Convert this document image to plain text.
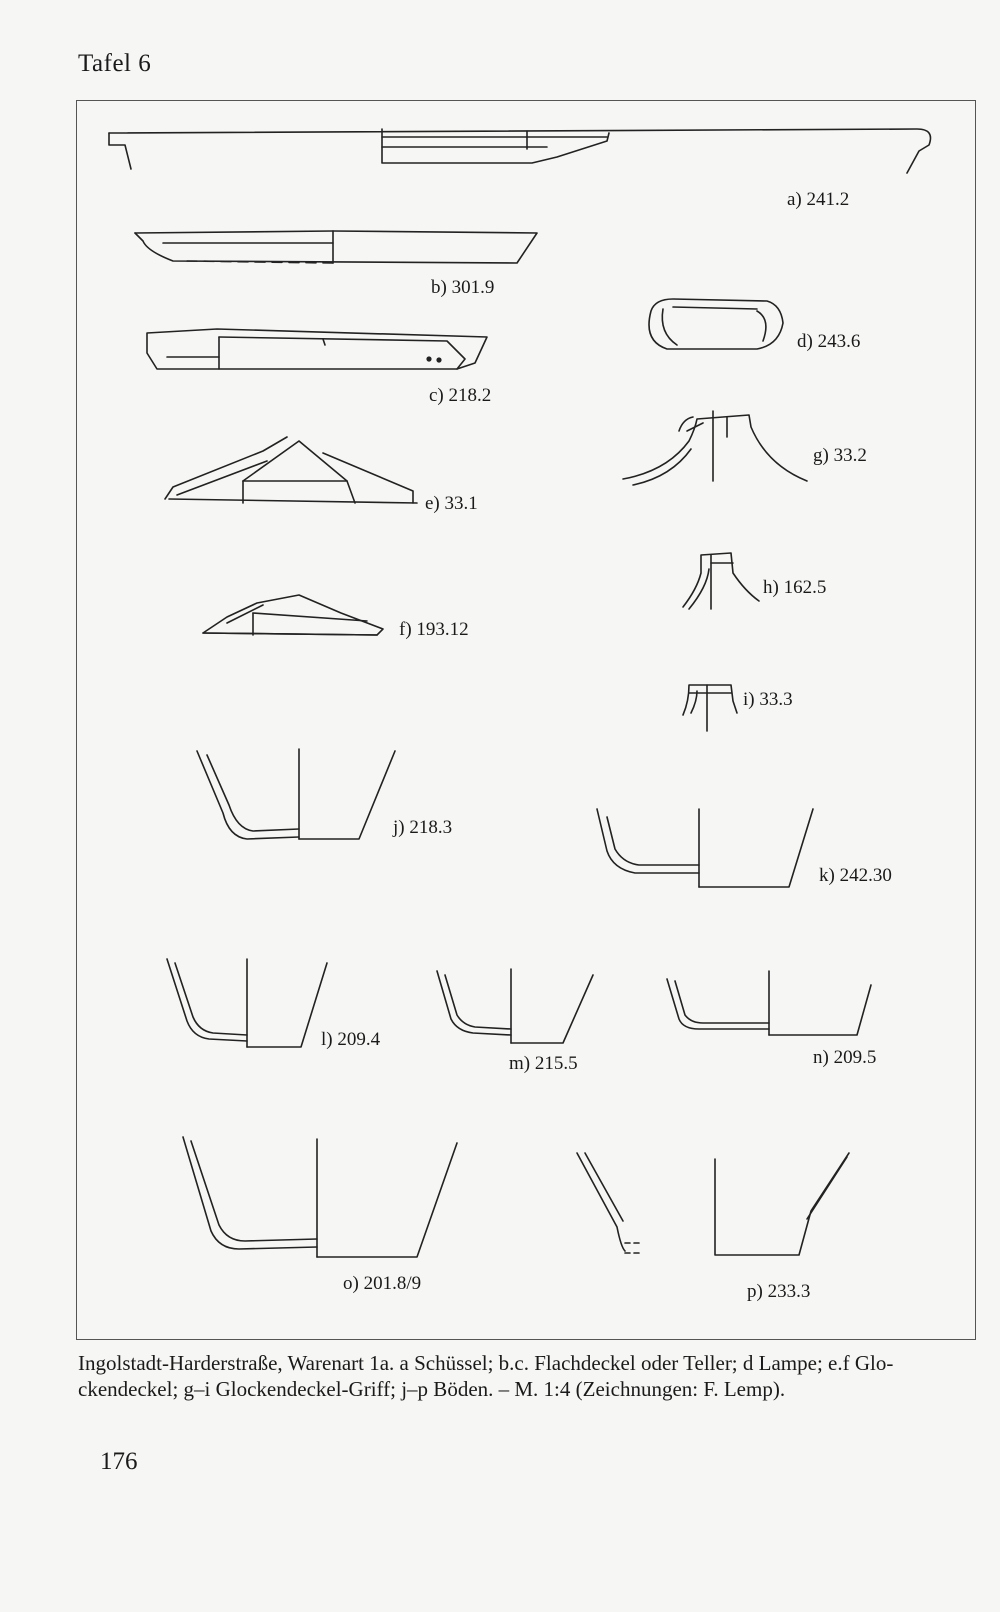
Tafel 6
a) 241.2
b) 301.9
c) 218.2
d) 243.6
e) 33.1
f) 193.12
g) 33.2
h) 162.5
i) 33.3
j) 218.3
k) 242.30
l) 209.4
m) 215.5	n) 209.5
o) 201.8/9	p) 233.3
Ingolstadt-Harderstraße, Warenart 1a. a Schüssel; b.c. Flachdeckel oder Teller; d Lampe; e.f Glo-
ckendeckel; g–i Glockendeckel-Griff; j–p Böden. – M. 1:4 (Zeichnungen: F. Lemp).
176
